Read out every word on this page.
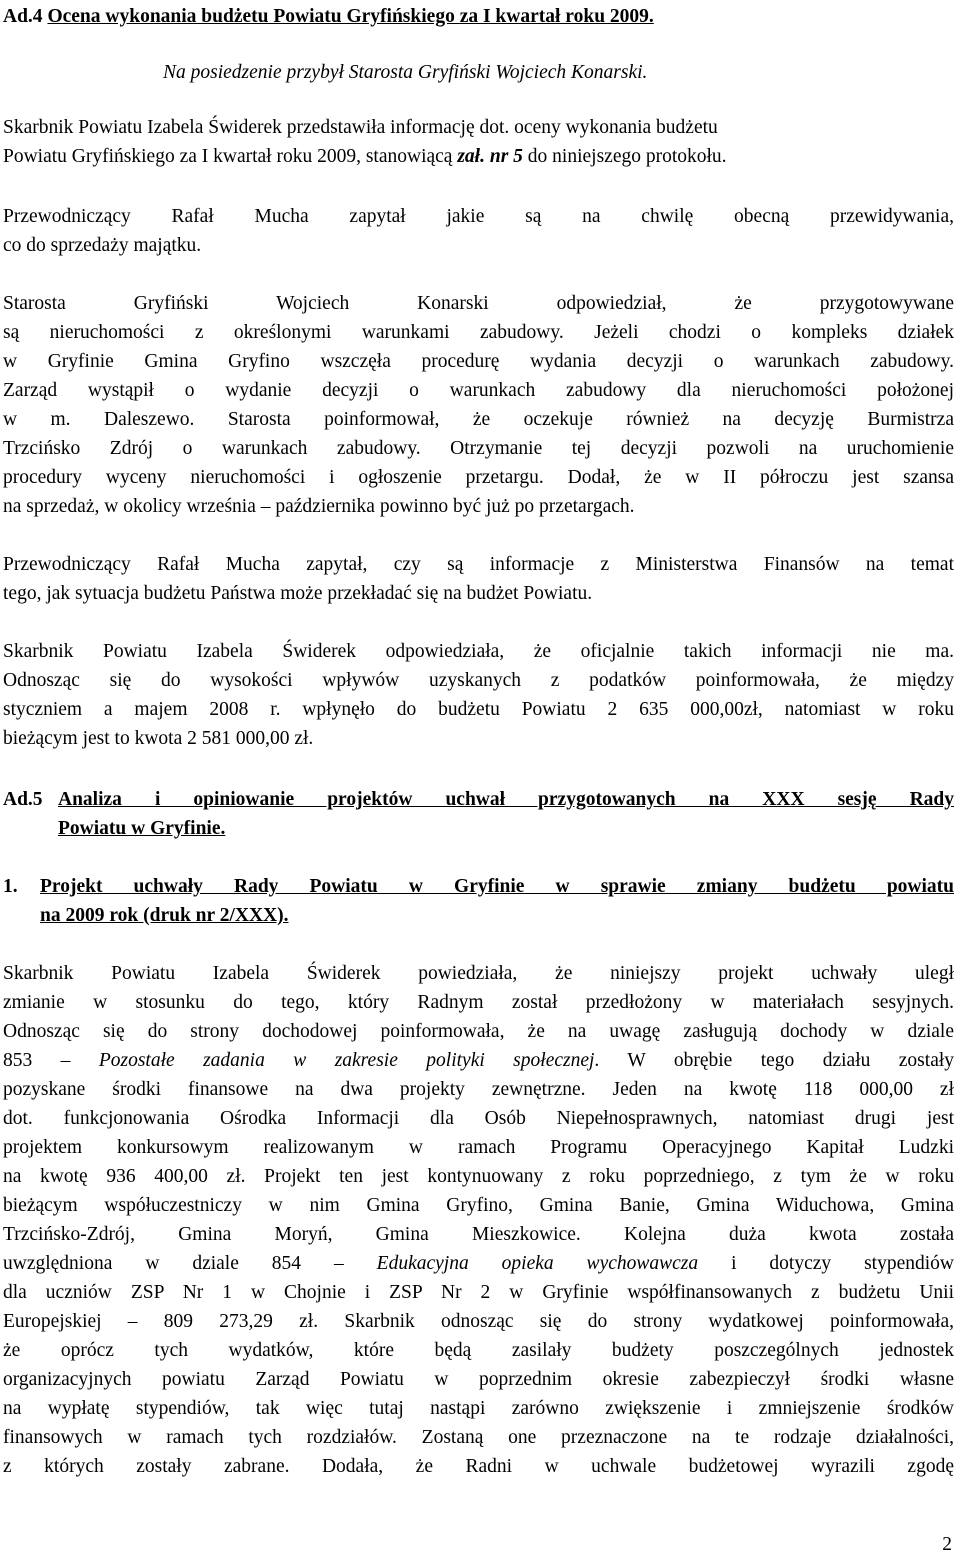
Ad.4 Ocena wykonania budżetu Powiatu Gryfińskiego za I kwartał roku 2009.
Na posiedzenie przybył Starosta Gryfiński Wojciech Konarski.
Skarbnik Powiatu Izabela Świderek przedstawiła informację dot. oceny wykonania budżetu
Powiatu Gryfińskiego za I kwartał roku 2009, stanowiącą zał. nr 5 do niniejszego protokołu.
Przewodniczący Rafał Mucha zapytał jakie są na chwilę obecną przewidywania,
co do sprzedaży majątku.
Starosta Gryfiński Wojciech Konarski odpowiedział, że przygotowywane
są nieruchomości z określonymi warunkami zabudowy. Jeżeli chodzi o kompleks działek
w Gryfinie Gmina Gryfino wszczęła procedurę wydania decyzji o warunkach zabudowy.
Zarząd wystąpił o wydanie decyzji o warunkach zabudowy dla nieruchomości położonej
w m. Daleszewo. Starosta poinformował, że oczekuje również na decyzję Burmistrza
Trzcińsko Zdrój o warunkach zabudowy. Otrzymanie tej decyzji pozwoli na uruchomienie
procedury wyceny nieruchomości i ogłoszenie przetargu. Dodał, że w II półroczu jest szansa
na sprzedaż, w okolicy września – października powinno być już po przetargach.
Przewodniczący Rafał Mucha zapytał, czy są informacje z Ministerstwa Finansów na temat
tego, jak sytuacja budżetu Państwa może przekładać się na budżet Powiatu.
Skarbnik Powiatu Izabela Świderek odpowiedziała, że oficjalnie takich informacji nie ma.
Odnosząc się do wysokości wpływów uzyskanych z podatków poinformowała, że między
styczniem a majem 2008 r. wpłynęło do budżetu Powiatu 2 635 000,00zł, natomiast w roku
bieżącym jest to kwota 2 581 000,00 zł.
Ad.5 Analiza i opiniowanie projektów uchwał przygotowanych na XXX sesję Rady
Powiatu w Gryfinie.
1.	Projekt uchwały Rady Powiatu w Gryfinie w sprawie zmiany budżetu powiatu
na 2009 rok (druk nr 2/XXX).
Skarbnik Powiatu Izabela Świderek powiedziała, że niniejszy projekt uchwały uległ
zmianie w stosunku do tego, który Radnym został przedłożony w materiałach sesyjnych.
Odnosząc się do strony dochodowej poinformowała, że na uwagę zasługują dochody w dziale
853 – Pozostałe zadania w zakresie polityki społecznej. W obrębie tego działu zostały
pozyskane środki finansowe na dwa projekty zewnętrzne. Jeden na kwotę 118 000,00 zł
dot. funkcjonowania Ośrodka Informacji dla Osób Niepełnosprawnych, natomiast drugi jest
projektem konkursowym realizowanym w ramach Programu Operacyjnego Kapitał Ludzki
na kwotę 936 400,00 zł. Projekt ten jest kontynuowany z roku poprzedniego, z tym że w roku
bieżącym współuczestniczy w nim Gmina Gryfino, Gmina Banie, Gmina Widuchowa, Gmina
Trzcińsko-Zdrój, Gmina Moryń, Gmina Mieszkowice. Kolejna duża kwota została
uwzględniona w dziale 854 – Edukacyjna opieka wychowawcza i dotyczy stypendiów
dla uczniów ZSP Nr 1 w Chojnie i ZSP Nr 2 w Gryfinie współfinansowanych z budżetu Unii
Europejskiej – 809 273,29 zł. Skarbnik odnosząc się do strony wydatkowej poinformowała,
że oprócz tych wydatków, które będą zasilały budżety poszczególnych jednostek
organizacyjnych powiatu Zarząd Powiatu w poprzednim okresie zabezpieczył środki własne
na wypłatę stypendiów, tak więc tutaj nastąpi zarówno zwiększenie i zmniejszenie środków
finansowych w ramach tych rozdziałów. Zostaną one przeznaczone na te rodzaje działalności,
z których zostały zabrane. Dodała, że Radni w uchwale budżetowej wyrazili zgodę
2
